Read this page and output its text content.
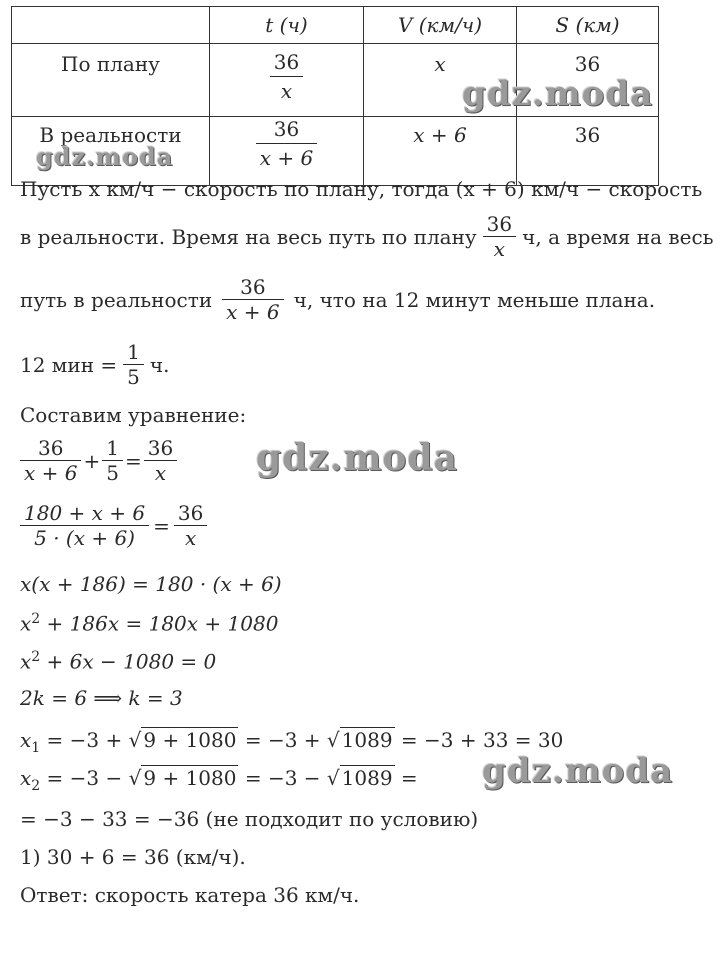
	t (ч)	V (км/ч)	S (км)
По плану	$\frac{36}{x}$	x	36
В реальности	$\frac{36}{x + 6}$	x + 6	36
Пусть x км/ч − скорость по плану, тогда (x + 6) км/ч − скорость
в реальности. Время на весь путь по плану $\frac{36}{x} ч$, а время на весь
путь в реальности $\frac{36}{x + 6} ч$, что на 12 минут меньше плана.
12 мин = $\frac{1}{5} ч$.
Составим уравнение:
$\frac{36}{x + 6} + \frac{1}{5} = \frac{36}{x}$
$\frac{180 + x + 6}{5 \cdot (x + 6)} = \frac{36}{x}$
x(x + 186) = 180 · (x + 6)
$x^2 + 186x = 180x + 1080$
$x^2 + 6x - 1080 = 0$
2k = 6 ⟹ k = 3
$x_1 = -3$ + √ 9 + 1080 = −3 + √ 1089 = −3 + 33 = 30
$x_2 = -3$ − √ 9 + 1080 = −3 − √ 1089 =
= −3 − 33 = −36 (не подходит по условию)
1) 30 + 6 = 36 (км/ч).
Ответ: скорость катера 36 км/ч.
gdz.moda
gdz.moda
gdz.moda
gdz.moda
